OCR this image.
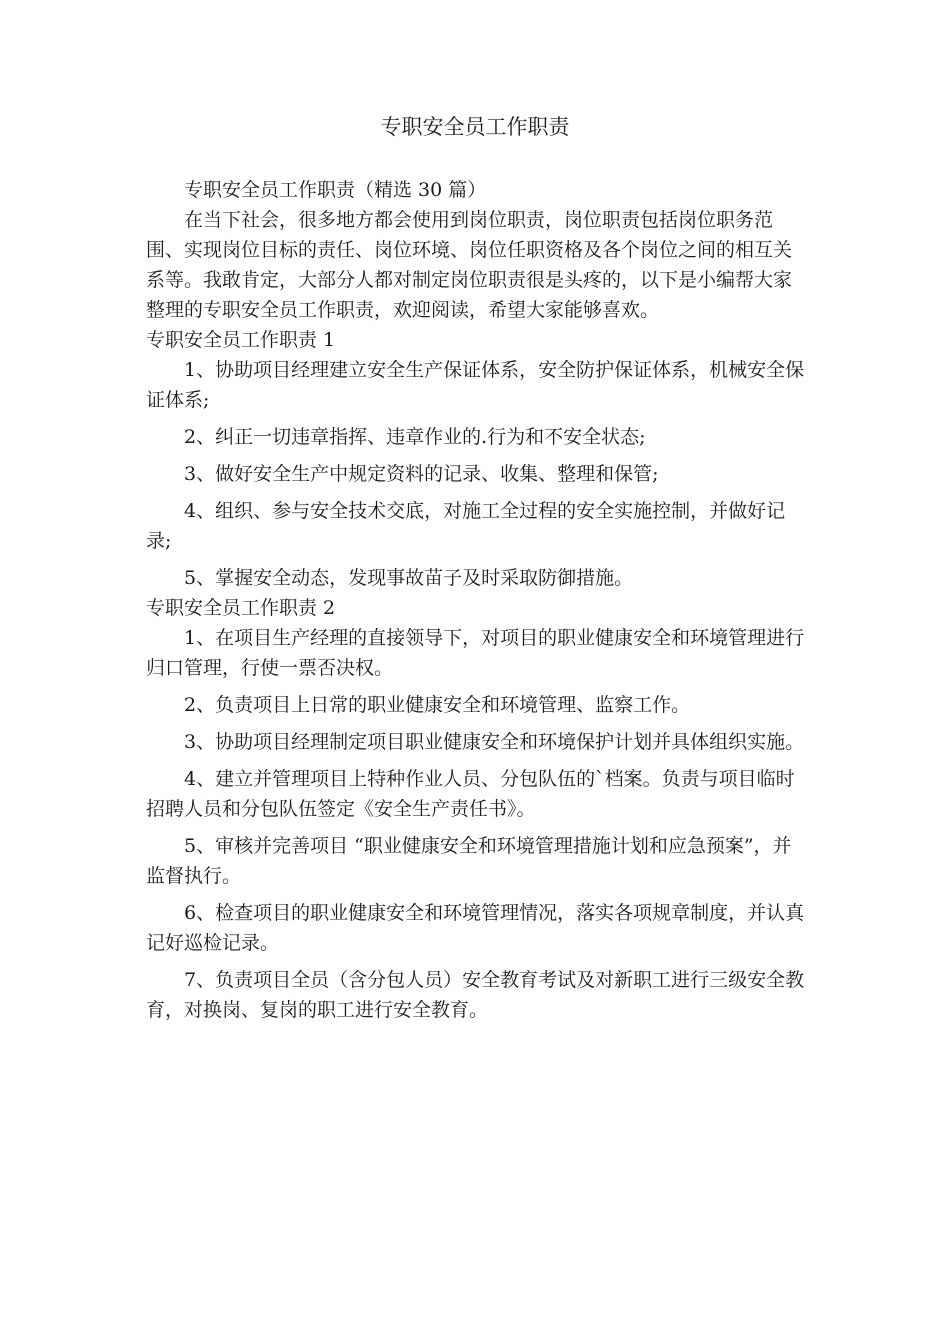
专职安全员工作职责

专职安全员工作职责（精选 30 篇）

在当下社会，很多地方都会使用到岗位职责，岗位职责包括岗位职务范围、实现岗位目标的责任、岗位环境、岗位任职资格及各个岗位之间的相互关系等。我敢肯定，大部分人都对制定岗位职责很是头疼的，以下是小编帮大家整理的专职安全员工作职责，欢迎阅读，希望大家能够喜欢。

专职安全员工作职责 1

1、协助项目经理建立安全生产保证体系，安全防护保证体系，机械安全保证体系;

2、纠正一切违章指挥、违章作业的.行为和不安全状态;

3、做好安全生产中规定资料的记录、收集、整理和保管;

4、组织、参与安全技术交底，对施工全过程的安全实施控制，并做好记录;

5、掌握安全动态，发现事故苗子及时采取防御措施。

专职安全员工作职责 2

1、在项目生产经理的直接领导下，对项目的职业健康安全和环境管理进行归口管理，行使一票否决权。

2、负责项目上日常的职业健康安全和环境管理、监察工作。

3、协助项目经理制定项目职业健康安全和环境保护计划并具体组织实施。

4、建立并管理项目上特种作业人员、分包队伍的`档案。负责与项目临时招聘人员和分包队伍签定《安全生产责任书》。

5、审核并完善项目 “职业健康安全和环境管理措施计划和应急预案”，并监督执行。

6、检查项目的职业健康安全和环境管理情况，落实各项规章制度，并认真记好巡检记录。

7、负责项目全员（含分包人员）安全教育考试及对新职工进行三级安全教育，对换岗、复岗的职工进行安全教育。
